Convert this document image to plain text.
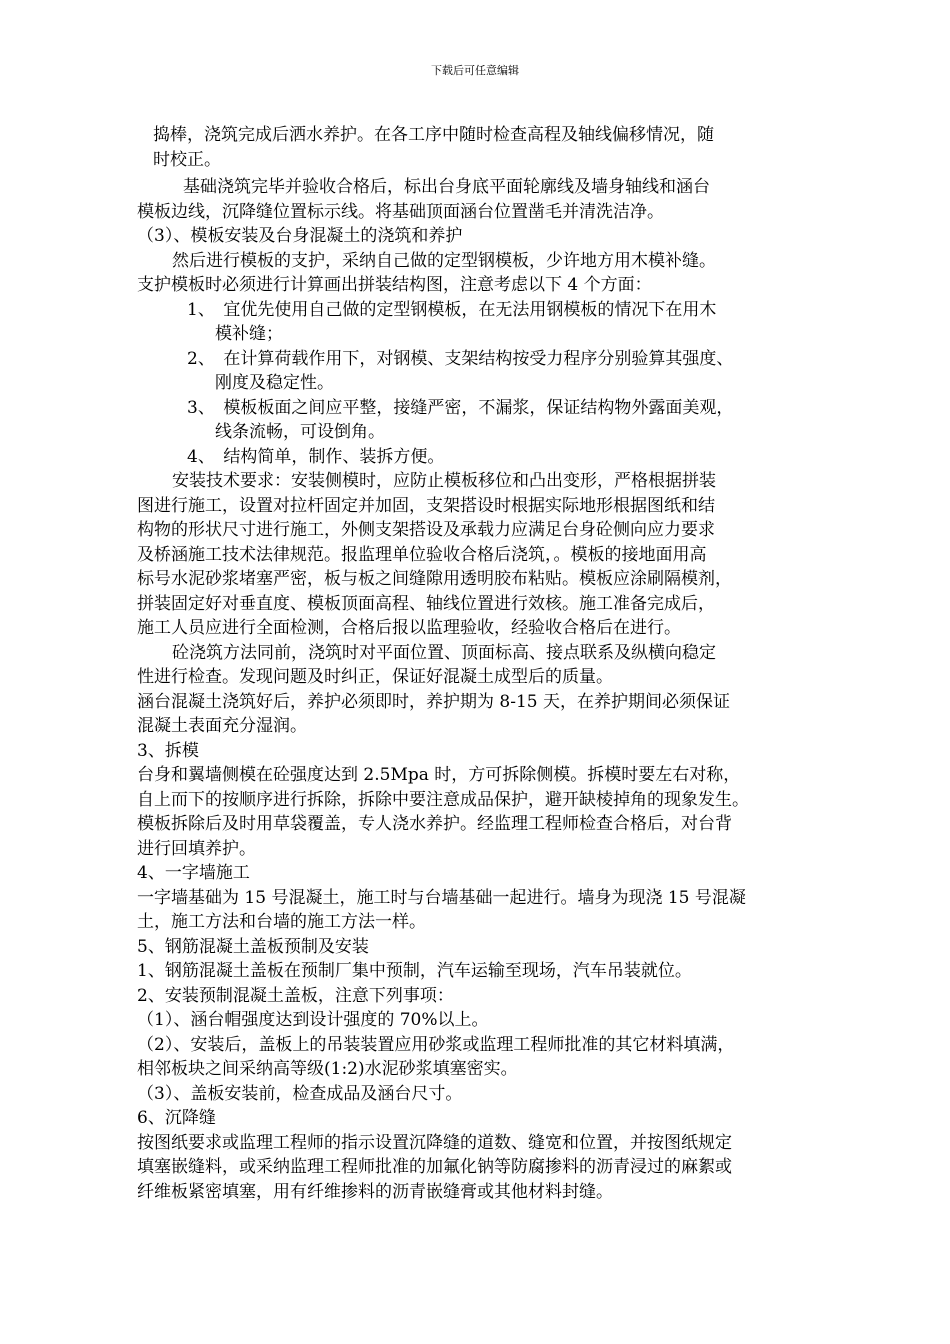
下载后可任意编辑

捣棒，浇筑完成后洒水养护。在各工序中随时检查高程及轴线偏移情况，随

时校正。

基础浇筑完毕并验收合格后，标出台身底平面轮廓线及墙身轴线和涵台

模板边线，沉降缝位置标示线。将基础顶面涵台位置凿毛并清洗洁净。

（3）、模板安装及台身混凝土的浇筑和养护

然后进行模板的支护，采纳自己做的定型钢模板，少许地方用木模补缝。

支护模板时必须进行计算画出拼装结构图，注意考虑以下 4 个方面：

1、　宜优先使用自己做的定型钢模板，在无法用钢模板的情况下在用木

模补缝；

2、　在计算荷载作用下，对钢模、支架结构按受力程序分别验算其强度、

刚度及稳定性。

3、　模板板面之间应平整，接缝严密，不漏浆，保证结构物外露面美观，

线条流畅，可设倒角。

4、　结构简单，制作、装拆方便。

安装技术要求：安装侧模时，应防止模板移位和凸出变形，严格根据拼装

图进行施工，设置对拉杆固定并加固，支架搭设时根据实际地形根据图纸和结

构物的形状尺寸进行施工，外侧支架搭设及承载力应满足台身砼侧向应力要求

及桥涵施工技术法律规范。报监理单位验收合格后浇筑，。模板的接地面用高

标号水泥砂浆堵塞严密，板与板之间缝隙用透明胶布粘贴。模板应涂刷隔模剂，

拼装固定好对垂直度、模板顶面高程、轴线位置进行效核。施工准备完成后，

施工人员应进行全面检测，合格后报以监理验收，经验收合格后在进行。

砼浇筑方法同前，浇筑时对平面位置、顶面标高、接点联系及纵横向稳定

性进行检查。发现问题及时纠正，保证好混凝土成型后的质量。

涵台混凝土浇筑好后，养护必须即时，养护期为 8-15 天，在养护期间必须保证

混凝土表面充分湿润。

3、拆模

台身和翼墙侧模在砼强度达到 2.5Mpa 时，方可拆除侧模。拆模时要左右对称，

自上而下的按顺序进行拆除，拆除中要注意成品保护，避开缺棱掉角的现象发生。

模板拆除后及时用草袋覆盖，专人浇水养护。经监理工程师检查合格后，对台背

进行回填养护。

4、一字墙施工

一字墙基础为 15 号混凝土，施工时与台墙基础一起进行。墙身为现浇 15 号混凝

土，施工方法和台墙的施工方法一样。

5、钢筋混凝土盖板预制及安装

1、钢筋混凝土盖板在预制厂集中预制，汽车运输至现场，汽车吊装就位。

2、安装预制混凝土盖板，注意下列事项：

（1）、涵台帽强度达到设计强度的 70%以上。

（2）、安装后，盖板上的吊装装置应用砂浆或监理工程师批准的其它材料填满，

相邻板块之间采纳高等级(1:2)水泥砂浆填塞密实。

（3）、盖板安装前，检查成品及涵台尺寸。

6、沉降缝

按图纸要求或监理工程师的指示设置沉降缝的道数、缝宽和位置，并按图纸规定

填塞嵌缝料，或采纳监理工程师批准的加氟化钠等防腐掺料的沥青浸过的麻絮或

纤维板紧密填塞，用有纤维掺料的沥青嵌缝膏或其他材料封缝。
